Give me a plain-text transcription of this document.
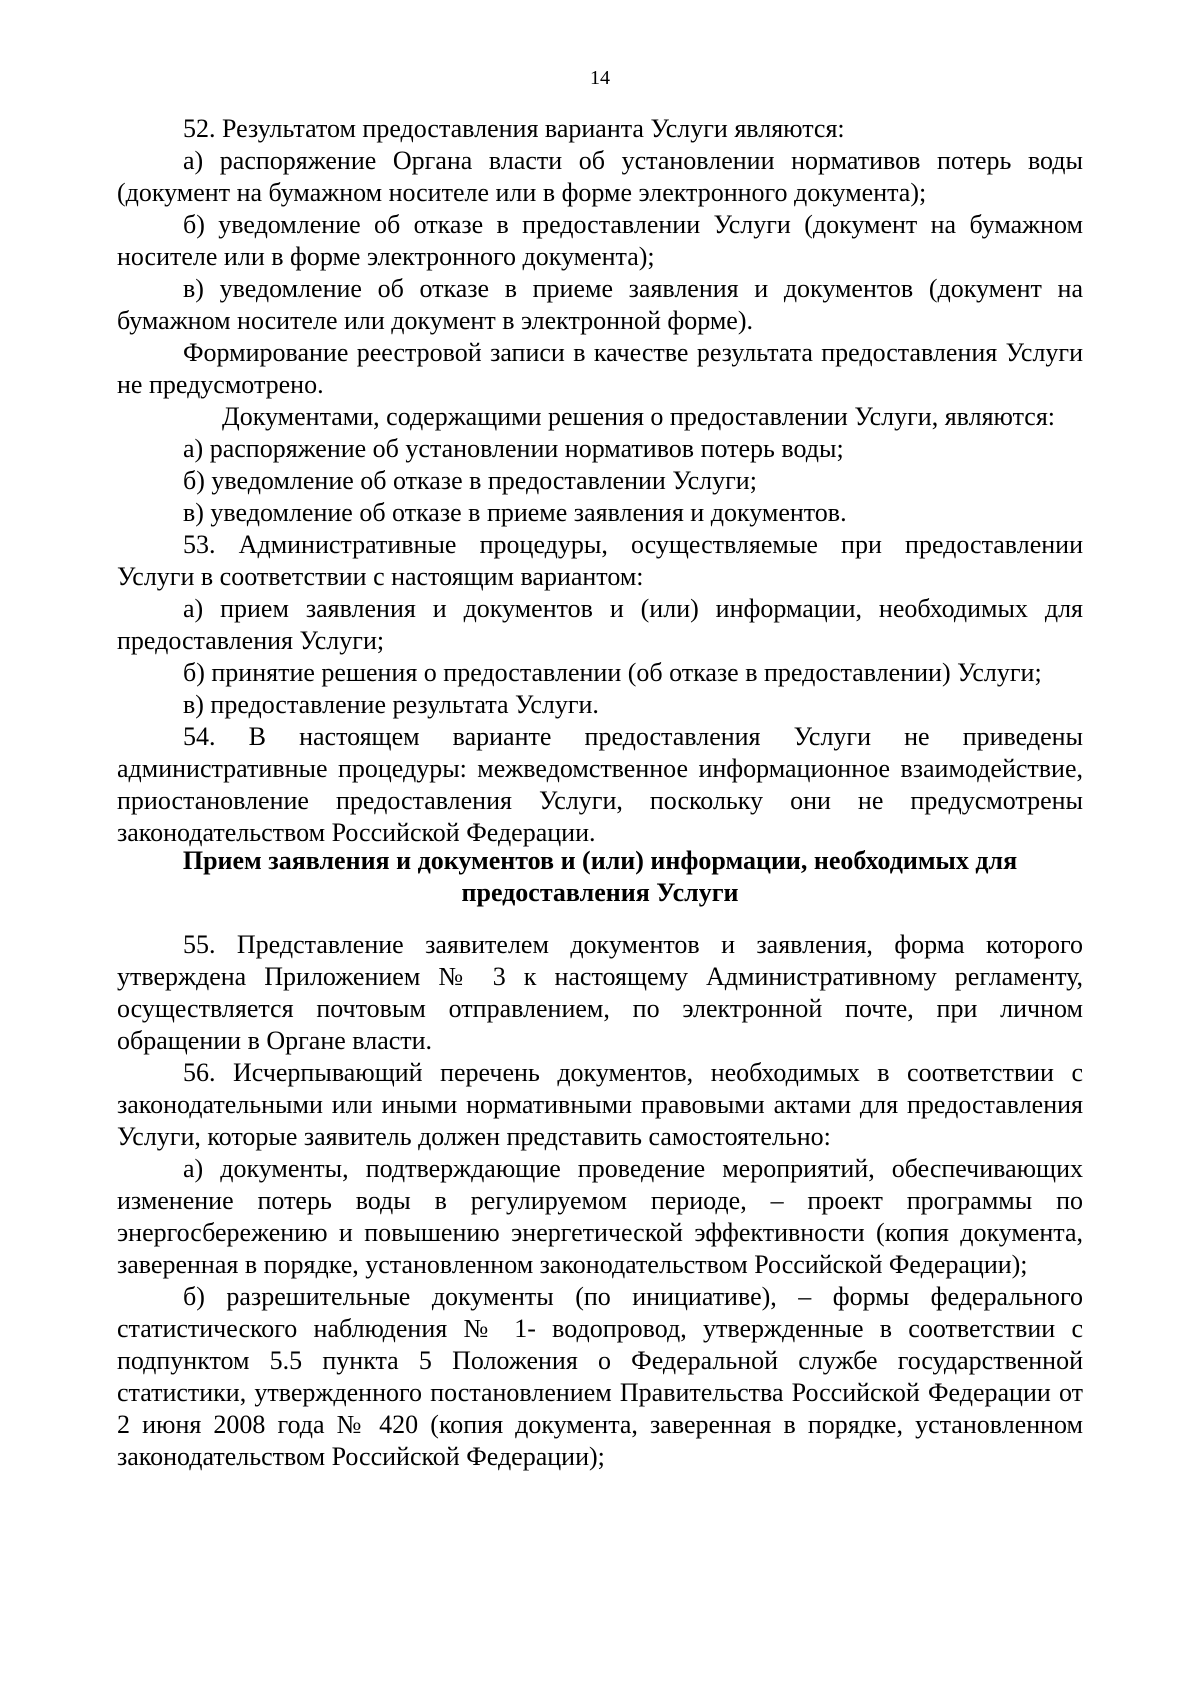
14

52. Результатом предоставления варианта Услуги являются:

а) распоряжение Органа власти об установлении нормативов потерь воды (документ на бумажном носителе или в форме электронного документа);

б) уведомление об отказе в предоставлении Услуги (документ на бумажном носителе или в форме электронного документа);

в) уведомление об отказе в приеме заявления и документов (документ на бумажном носителе или документ в электронной форме).

Формирование реестровой записи в качестве результата предоставления Услуги не предусмотрено.

Документами, содержащими решения о предоставлении Услуги, являются:

а) распоряжение об установлении нормативов потерь воды;

б) уведомление об отказе в предоставлении Услуги;

в) уведомление об отказе в приеме заявления и документов.

53. Административные процедуры, осуществляемые при предоставлении Услуги в соответствии с настоящим вариантом:

а) прием заявления и документов и (или) информации, необходимых для предоставления Услуги;

б) принятие решения о предоставлении (об отказе в предоставлении) Услуги;

в) предоставление результата Услуги.

54. В настоящем варианте предоставления Услуги не приведены административные процедуры: межведомственное информационное взаимодействие, приостановление предоставления Услуги, поскольку они не предусмотрены законодательством Российской Федерации.

Прием заявления и документов и (или) информации, необходимых для предоставления Услуги

55. Представление заявителем документов и заявления, форма которого утверждена Приложением № 3 к настоящему Административному регламенту, осуществляется почтовым отправлением, по электронной почте, при личном обращении в Органе власти.

56. Исчерпывающий перечень документов, необходимых в соответствии с законодательными или иными нормативными правовыми актами для предоставления Услуги, которые заявитель должен представить самостоятельно:

а) документы, подтверждающие проведение мероприятий, обеспечивающих изменение потерь воды в регулируемом периоде, – проект программы по энергосбережению и повышению энергетической эффективности (копия документа, заверенная в порядке, установленном законодательством Российской Федерации);

б) разрешительные документы (по инициативе), – формы федерального статистического наблюдения № 1- водопровод, утвержденные в соответствии с подпунктом 5.5 пункта 5 Положения о Федеральной службе государственной статистики, утвержденного постановлением Правительства Российской Федерации от 2 июня 2008 года № 420 (копия документа, заверенная в порядке, установленном законодательством Российской Федерации);
